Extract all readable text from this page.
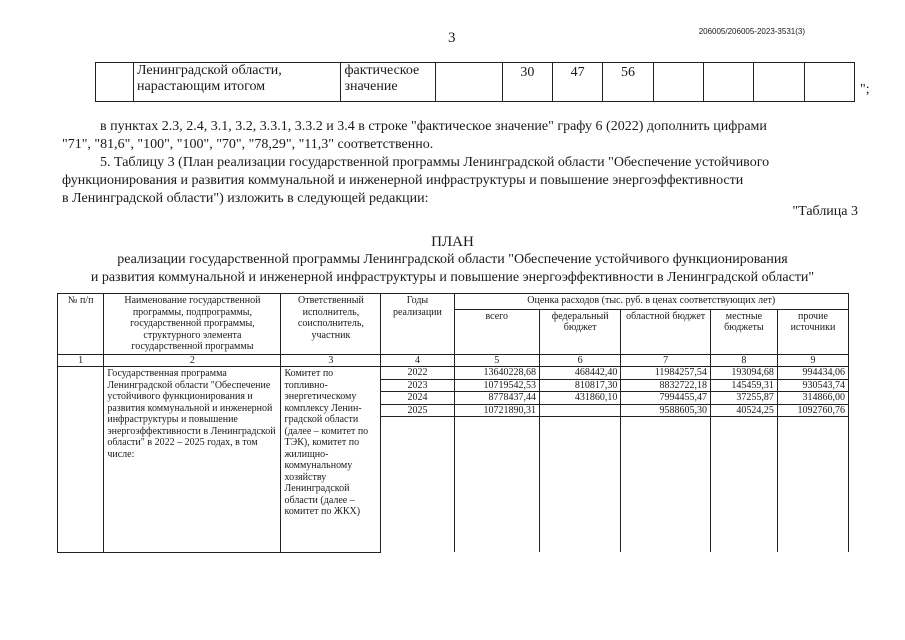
3	206005/206005-2023-3531(3)
	Ленинградской области,
нарастающим итогом	фактическое
значение		30	47	56				
";
в пунктах 2.3, 2.4, 3.1, 3.2, 3.3.1, 3.3.2 и 3.4 в строке "фактическое значение" графу 6 (2022) дополнить цифрами
"71", "81,6", "100", "100", "70", "78,29", "11,3" соответственно.
5. Таблицу 3 (План реализации государственной программы Ленинградской области "Обеспечение устойчивого
функционирования и развития коммунальной и инженерной инфраструктуры и повышение энергоэффективности
в Ленинградской области") изложить в следующей редакции:
"Таблица 3
ПЛАН
реализации государственной программы Ленинградской области "Обеспечение устойчивого функционирования
и развития коммунальной и инженерной инфраструктуры и повышение энергоэффективности в Ленинградской области"
№ п/п	Наименование государственной программы, подпрограммы, государственной программы, структурного элемента государственной программы	Ответственный исполнитель, соисполнитель, участник	Годы реализации	Оценка расходов (тыс. руб. в ценах соответствующих лет)				
				всего	федеральный бюджет	областной бюджет	местные бюджеты	прочие источники
1	2	3	4	5	6	7	8	9
	Государственная программа Ленинградской области "Обеспечение устойчивого функционирования и развития коммунальной и инженерной инфраструктуры и повышение энергоэффективности в Ленинградской области" в 2022 – 2025 годах, в том числе:	Комитет по топливно-энергетическому комплексу Ленин-градской области (далее – комитет по ТЭК), комитет по жилищно-коммунальному хозяйству Ленинградской области (далее – комитет по ЖКХ)	2022	13640228,68	468442,40	11984257,54	193094,68	994434,06
			2023	10719542,53	810817,30	8832722,18	145459,31	930543,74
			2024	8778437,44	431860,10	7994455,47	37255,87	314866,00
			2025	10721890,31		9588605,30	40524,25	1092760,76
